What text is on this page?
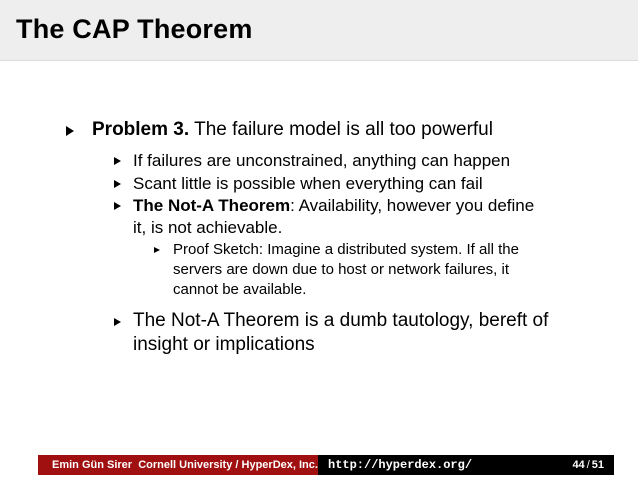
The CAP Theorem
Problem 3. The failure model is all too powerful
If failures are unconstrained, anything can happen
Scant little is possible when everything can fail
The Not-A Theorem: Availability, however you define
it, is not achievable.
Proof Sketch: Imagine a distributed system. If all the
servers are down due to host or network failures, it
cannot be available.
The Not-A Theorem is a dumb tautology, bereft of
insight or implications
Emin Gün Sirer
Cornell University / HyperDex, Inc. http://hyperdex.org/	44 / 51
